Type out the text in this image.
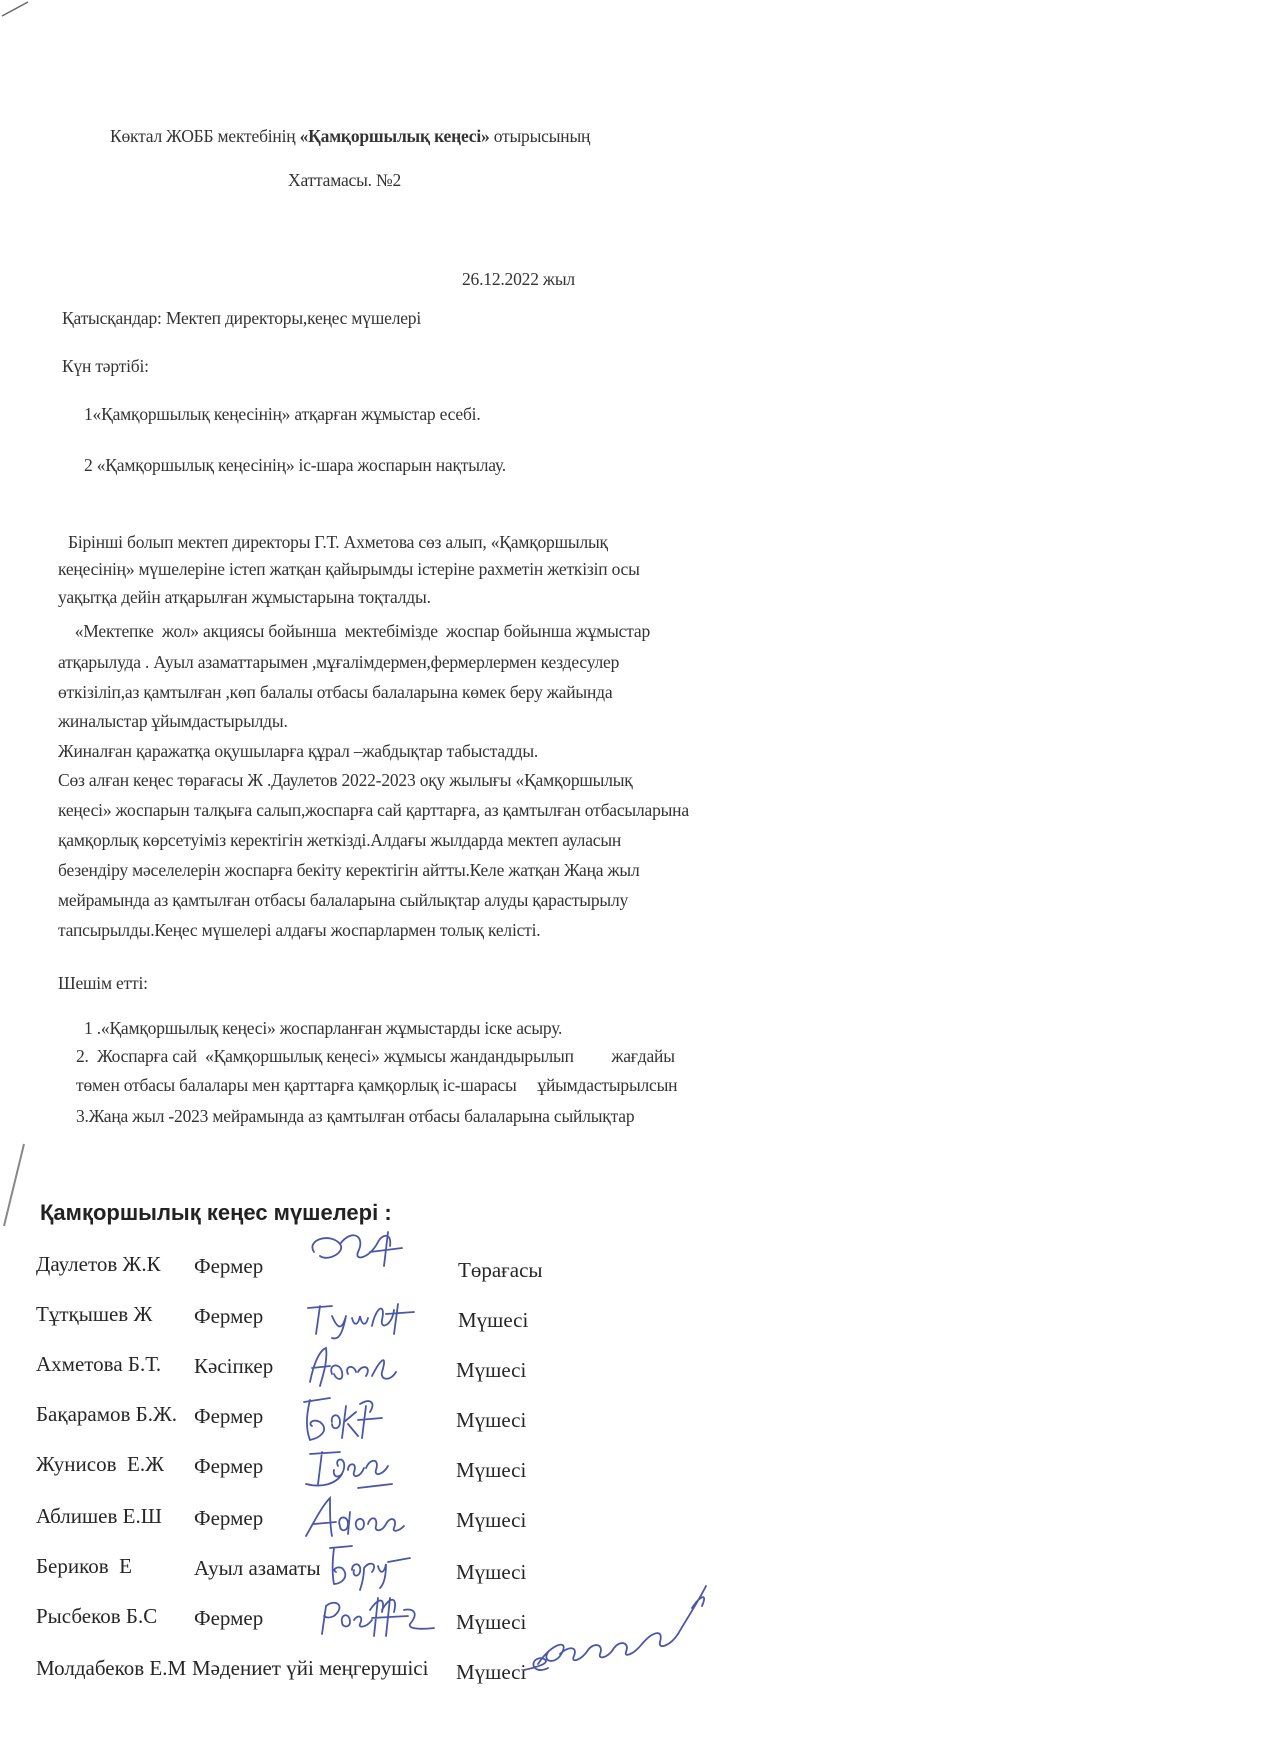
Көктал ЖОББ мектебінің «Қамқоршылық кеңесі» отырысының
Хаттамасы. №2
26.12.2022 жыл
Қатысқандар: Мектеп директоры,кеңес мүшелері
Күн тәртібі:
1«Қамқоршылық кеңесінің» атқарған жұмыстар есебі.
2 «Қамқоршылық кеңесінің» іс-шара жоспарын нақтылау.
Бірінші болып мектеп директоры Г.Т. Ахметова сөз алып, «Қамқоршылық
кеңесінің» мүшелеріне істеп жатқан қайырымды істеріне рахметін жеткізіп осы
уақытқа дейін атқарылған жұмыстарына тоқталды.
«Мектепке  жол» акциясы бойынша  мектебімізде  жоспар бойынша жұмыстар
атқарылуда . Ауыл азаматтарымен ,мұғалімдермен,фермерлермен кездесулер
өткізіліп,аз қамтылған ,көп балалы отбасы балаларына көмек беру жайында
жиналыстар ұйымдастырылды.
Жиналған қаражатқа оқушыларға құрал –жабдықтар табыстадды.
Сөз алған кеңес төрағасы Ж .Даулетов 2022-2023 оқу жылығы «Қамқоршылық
кеңесі» жоспарын талқыға салып,жоспарға сай қарттарға, аз қамтылған отбасыларына
қамқорлық көрсетуіміз керектігін жеткізді.Алдағы жылдарда мектеп ауласын
безендіру мәселелерін жоспарға бекіту керектігін айтты.Келе жатқан Жаңа жыл
мейрамында аз қамтылған отбасы балаларына сыйлықтар алуды қарастырылу
тапсырылды.Кеңес мүшелері алдағы жоспарлармен толық келісті.
Шешім етті:
1 .«Қамқоршылық кеңесі» жоспарланған жұмыстарды іске асыру.
2.  Жоспарға сай  «Қамқоршылық кеңесі» жұмысы жандандырылып         жағдайы
төмен отбасы балалары мен қарттарға қамқорлық іс-шарасы     ұйымдастырылсын
3.Жаңа жыл -2023 мейрамында аз қамтылған отбасы балаларына сыйлықтар
Қамқоршылық кеңес мүшелері :
Даулетов Ж.К Фермер	Төрағасы
Тұтқышев Ж Фермер	Мүшесі
Ахметова Б.Т. Кәсіпкер	Мүшесі
Бақарамов Б.Ж. Фермер	Мүшесі
Жунисов  Е.Ж Фермер	Мүшесі
Аблишев Е.Ш Фермер	Мүшесі
Бериков  Е	Ауыл азаматы	Мүшесі
Рысбеков Б.С Фермер	Мүшесі
Молдабеков Е.М Мәдениет үйі меңгерушісі Мүшесі
